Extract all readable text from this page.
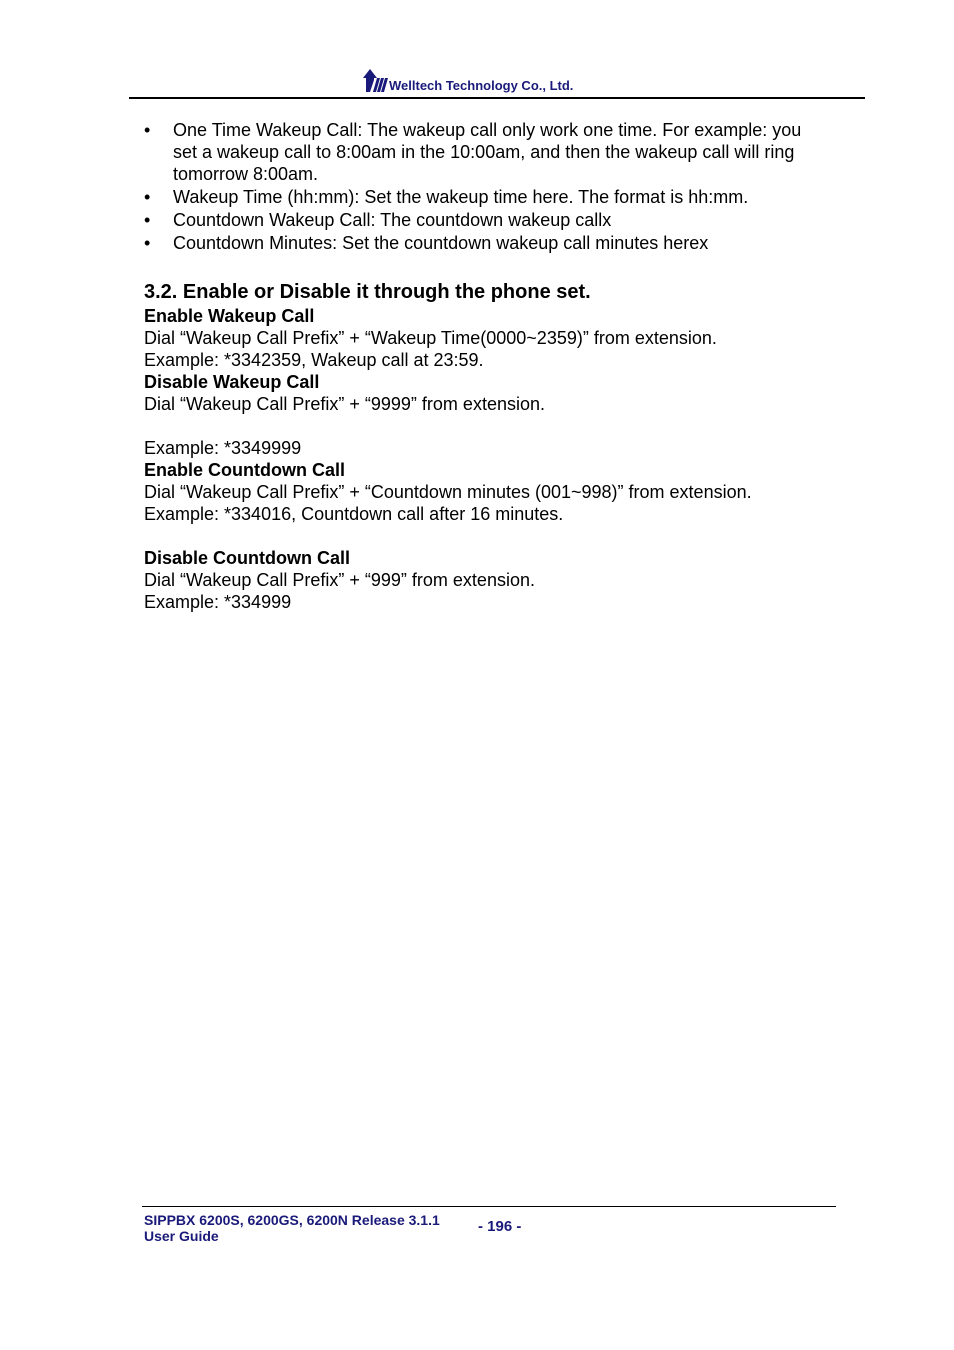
Welltech Technology Co., Ltd.
• One Time Wakeup Call: The wakeup call only work one time. For example: you set a wakeup call to 8:00am in the 10:00am, and then the wakeup call will ring tomorrow 8:00am.
• Wakeup Time (hh:mm): Set the wakeup time here. The format is hh:mm.
• Countdown Wakeup Call: The countdown wakeup callx
• Countdown Minutes: Set the countdown wakeup call minutes herex
3.2. Enable or Disable it through the phone set.

Enable Wakeup Call

Dial “Wakeup Call Prefix” + “Wakeup Time(0000~2359)” from extension.

Example: *3342359, Wakeup call at 23:59.

Disable Wakeup Call

Dial “Wakeup Call Prefix” + “9999” from extension.

Example: *3349999

Enable Countdown Call

Dial “Wakeup Call Prefix” + “Countdown minutes (001~998)” from extension.

Example: *334016, Countdown call after 16 minutes.

Disable Countdown Call

Dial “Wakeup Call Prefix” + “999” from extension.

Example: *334999

SIPPBX 6200S, 6200GS, 6200N Release 3.1.1
User Guide
- 196 -
